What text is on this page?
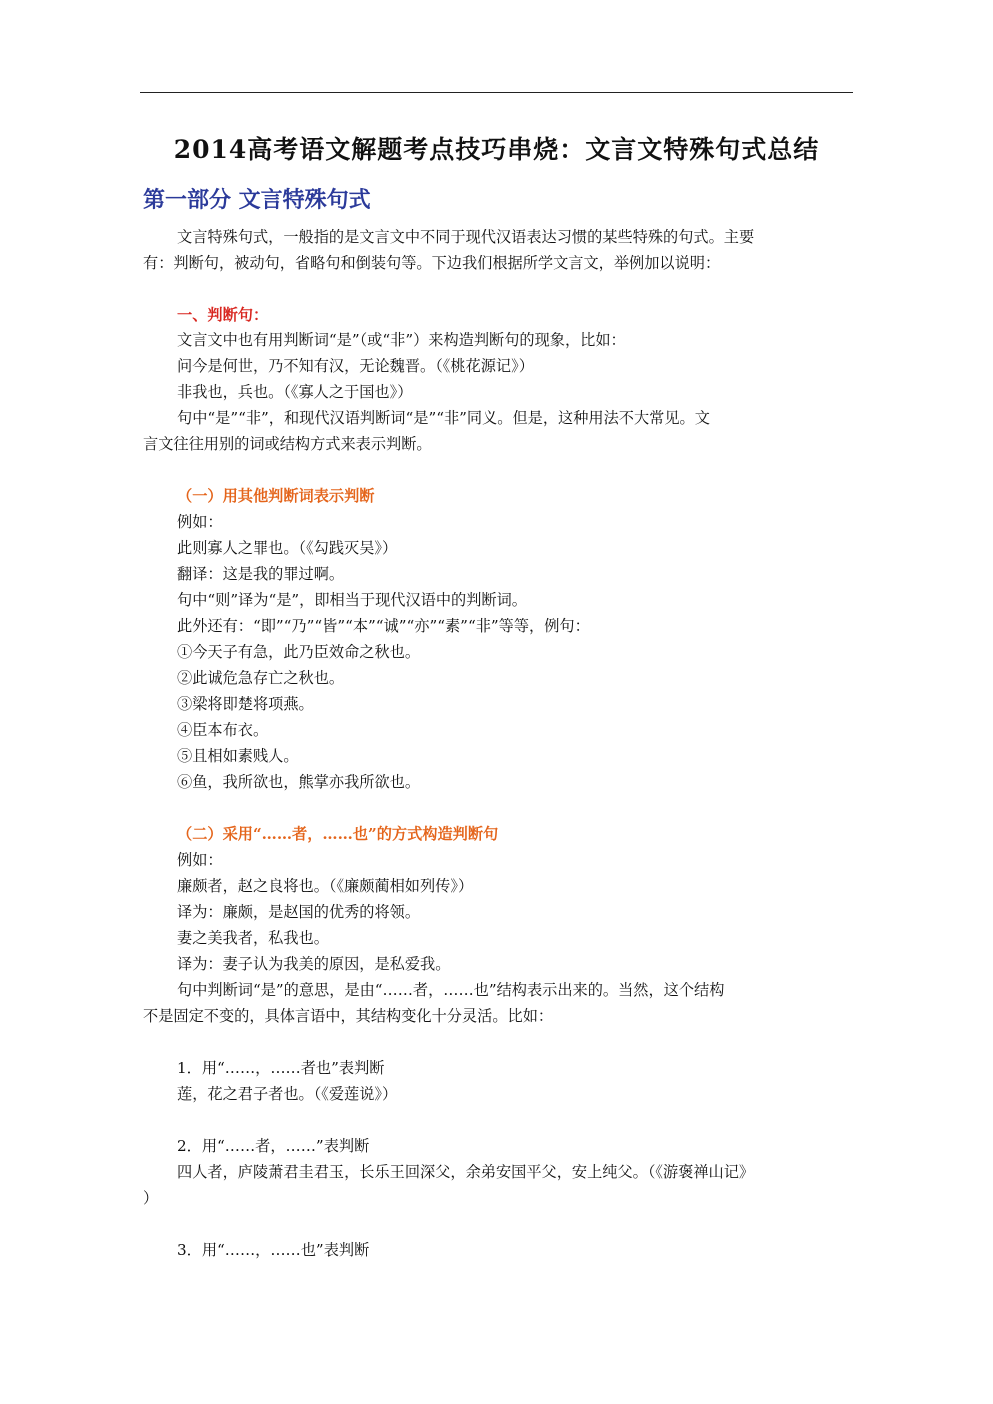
2014高考语文解题考点技巧串烧：文言文特殊句式总结
第一部分 文言特殊句式
文言特殊句式，一般指的是文言文中不同于现代汉语表达习惯的某些特殊的句式。主要
有：判断句，被动句，省略句和倒装句等。下边我们根据所学文言文，举例加以说明：
一、判断句：
文言文中也有用判断词“是”（或“非”）来构造判断句的现象，比如：
问今是何世，乃不知有汉，无论魏晋。（《桃花源记》）
非我也，兵也。（《寡人之于国也》）
句中“是”“非”，和现代汉语判断词“是”“非”同义。但是，这种用法不大常见。文
言文往往用别的词或结构方式来表示判断。
（一）用其他判断词表示判断
例如：
此则寡人之罪也。（《勾践灭吴》）
翻译：这是我的罪过啊。
句中“则”译为“是”，即相当于现代汉语中的判断词。
此外还有：“即”“乃”“皆”“本”“诚”“亦”“素”“非”等等，例句：
①今天子有急，此乃臣效命之秋也。
②此诚危急存亡之秋也。
③梁将即楚将项燕。
④臣本布衣。
⑤且相如素贱人。
⑥鱼，我所欲也，熊掌亦我所欲也。
（二）采用“……者，……也”的方式构造判断句
例如：
廉颇者，赵之良将也。（《廉颇蔺相如列传》）
译为：廉颇，是赵国的优秀的将领。
妻之美我者，私我也。
译为：妻子认为我美的原因，是私爱我。
句中判断词“是”的意思，是由“……者，……也”结构表示出来的。当然，这个结构
不是固定不变的，具体言语中，其结构变化十分灵活。比如：
1．用“……，……者也”表判断
莲，花之君子者也。（《爱莲说》）
2．用“……者，……”表判断
四人者，庐陵萧君圭君玉，长乐王回深父，余弟安国平父，安上纯父。（《游褒禅山记》
）
3．用“……，……也”表判断
